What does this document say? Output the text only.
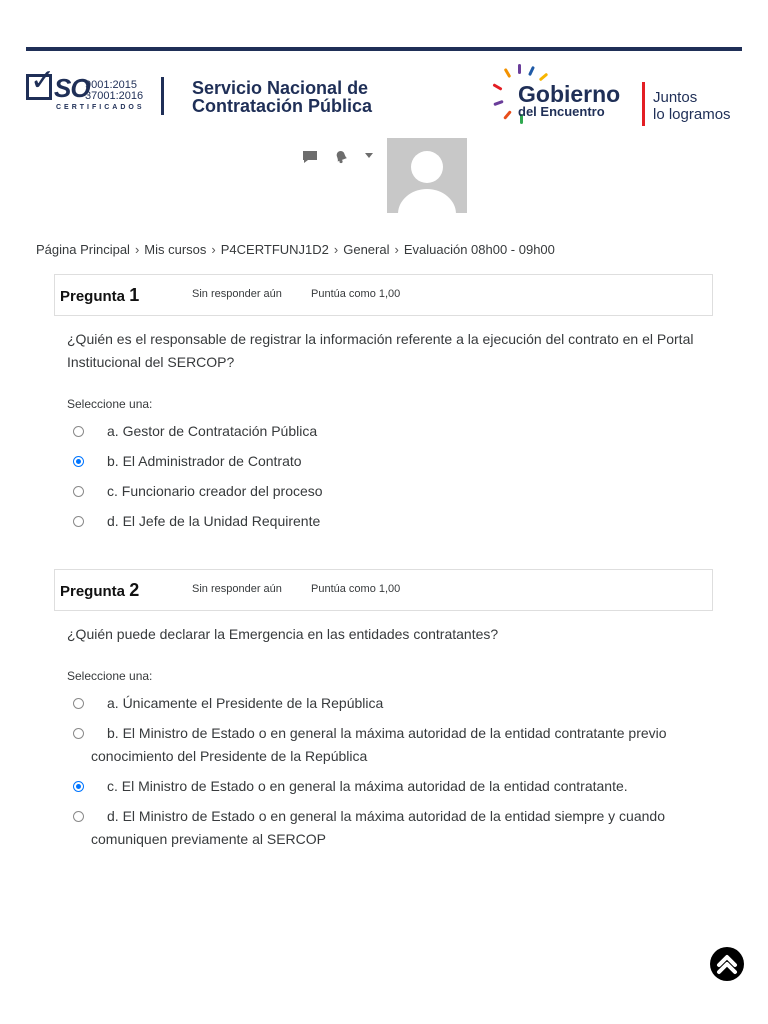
✓
SO
9001:2015
37001:2016
CERTIFICADOS
Servicio Nacional de
Contratación Pública	Gobierno
del Encuentro
Juntos
lo logramos
Página Principal › Mis cursos › P4CERTFUNJ1D2 › General › Evaluación 08h00 - 09h00
Pregunta 1	Sin responder aún	Puntúa como 1,00
¿Quién es el responsable de registrar la información referente a la ejecución del contrato en el Portal Institucional del SERCOP?
Seleccione una:
a. Gestor de Contratación Pública
b. El Administrador de Contrato
c. Funcionario creador del proceso
d. El Jefe de la Unidad Requirente
Pregunta 2	Sin responder aún	Puntúa como 1,00
¿Quién puede declarar la Emergencia en las entidades contratantes?
Seleccione una:
a. Únicamente el Presidente de la República
b. El Ministro de Estado o en general la máxima autoridad de la entidad contratante previo conocimiento del Presidente de la República
c. El Ministro de Estado o en general la máxima autoridad de la entidad contratante.
d. El Ministro de Estado o en general la máxima autoridad de la entidad siempre y cuando comuniquen previamente al SERCOP
